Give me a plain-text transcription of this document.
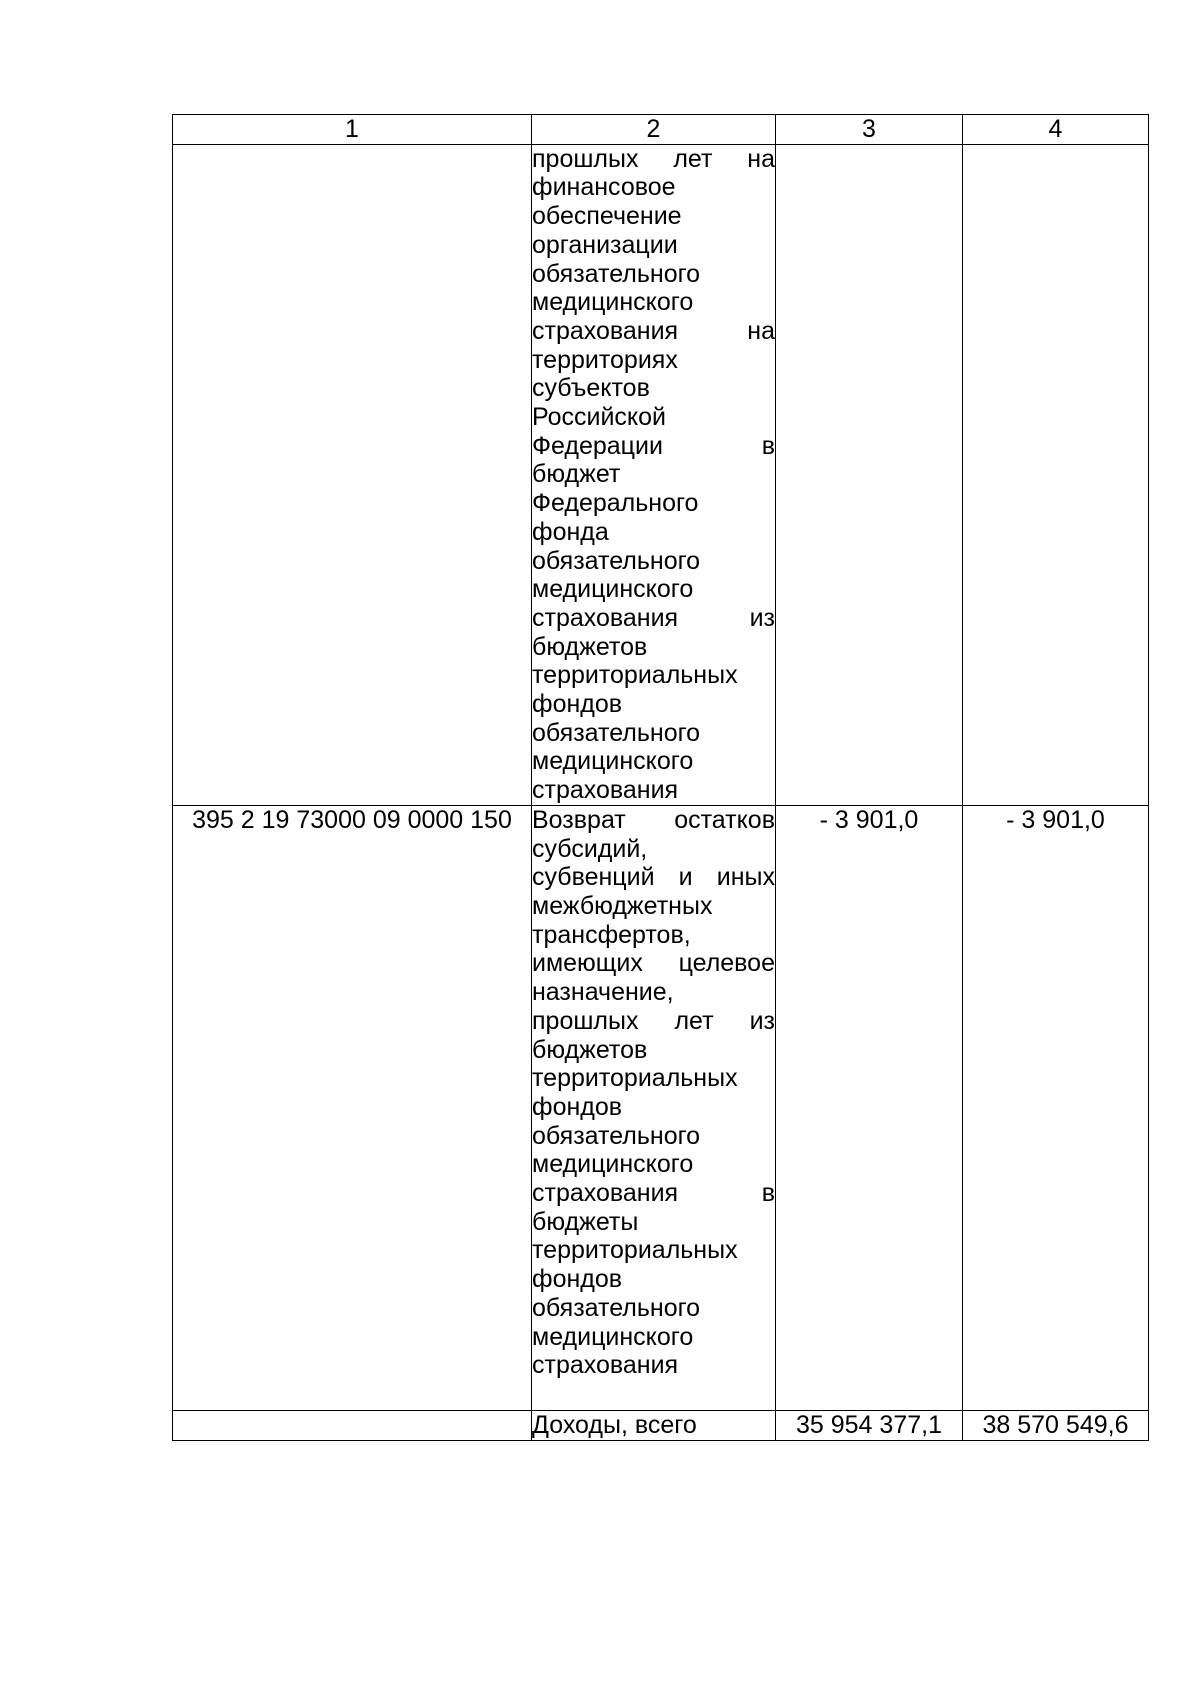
1	2	3	4
	прошлых лет на финансовое обеспечение организации обязательного медицинского страхования на территориях субъектов Российской Федерации в бюджет Федерального фонда обязательного медицинского страхования из бюджетов территориальных фондов обязательного медицинского страхования		
395 2 19 73000 09 0000 150	Возврат остатков субсидий, субвенций и иных межбюджетных трансфертов, имеющих целевое назначение, прошлых лет из бюджетов территориальных фондов обязательного медицинского страхования в бюджеты территориальных фондов обязательного медицинского страхования	- 3 901,0	- 3 901,0
	Доходы, всего	35 954 377,1	38 570 549,6
